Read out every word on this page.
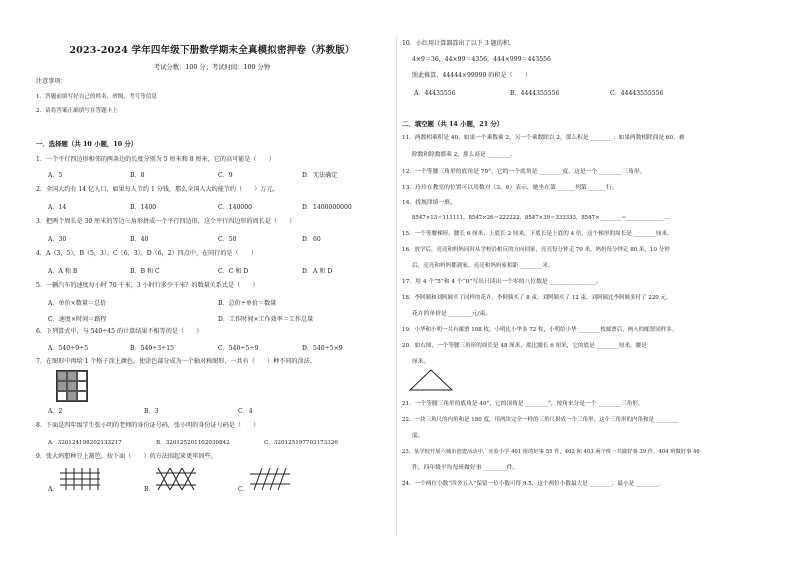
2023-2024 学年四年级下册数学期末全真模拟密押卷（苏教版）
考试分数：100 分；考试时间：100 分钟
注意事项：
1．答题前填写好自己的姓名、班级、考号等信息
2．请将答案正确填写在答题卡上
一．选择题（共 10 小题，10 分）
1．一个平行四边形相邻的两条边的长度分别为 5 厘米和 8 厘米，它的高可能是（　　）
A．5	B．8	C．9	D．无法确定
2．全国大约有 14 亿人口，如果每人节约 1 分钱，那么全国人大约能节约（　　）万元。
A．14	B．1400	C．140000	D．1400000000
3．把两个周长是 30 厘米的等边三角形拼成一个平行四边形，这个平行四边形的周长是（　　）
A．30	B．40	C．50	D．60
4．A（3，5）、B（5，3）、C（6，3）、D（6，2）四点中，在同行的是（　　）
A．A 和 B	B．B 和 C	C．C 和 D	D．A 和 D
5．一辆汽车的速度每小时 70 千米，3 小时行多少千米？的数量关系式是（　　）
A．单价×数量＝总价	B．总价÷单价＝数量
C．速度×时间＝路程	D．工作时间×工作效率＝工作总量
6．下列算式中，与 540÷45 的计算结果不相等的是（　　）
A．540÷9÷5	B．540÷3÷15	C．540÷5÷9	D．540÷5×9
7．在图形中再给 1 个格子涂上颜色，使涂色部分成为一个轴对称图形，一共有（　　）种不同的涂法。
A．2	B．3	C．4
8．下面是四年级学生张小明的老师的身份证号码，张小明的身份证号码是（　　）
A．320124198202133217	B．320125201102030842	C．320125197703173326
9．张大妈想种豆上篱笆，按下面（　　）的方法围起来更牢固些。
A．	B．	C．
10．小红用计算器算出了以下 3 题的积。
4×9＝36，44×99＝4356，444×999＝443556
照此推算，44444×99999 的积是（　　）
A．44435556	B．4444355556	C．44443555556
二．填空题（共 14 小题，21 分）
11．两数相乘积是 40，如果一个乘数乘 2，另一个乘数除以 2，那么积是 ________；如果两数相除商是 60，被
除数和除数都乘 2，那么商是 ________。
12．一个等腰三角形的底角是 70°，它的一个底角是 ________度，这是一个 ________三角形。
13．玲玲在教室的位置可以用数对（3，6）表示，她坐在第 ______列第 ______行。
14．找规律填一填。
8547×13＝111111，8547×26＝222222，8547×39＝333333，8547×________＝______________…
15．一个等腰梯形，腰长 6 厘米，上底长 2 厘米，下底长是上底的 4 倍，这个梯形的周长是 ________厘米。
16．放学后，亮亮和妈妈同时从学校沿相反的方向回家，亮亮每分钟走 70 米，妈妈每分钟走 80 米，10 分钟
后，亮亮和妈妈都到家，亮亮和妈妈家相距 ________米。
17．用 4 个“5”和 4 个“0”写出只读出一个零的八位数是 ________________。
18．李阿姨和刘阿姨买了同样的花卉，李阿姨买了 8 束，刘阿姨买了 12 束，刘阿姨比李阿姨多付了 220 元，
花卉的单价是 ________元/束。
19．小华和小明一共有邮票 108 枚，小明比小华多 72 枚，小明给小华 ________枚邮票后，两人的邮票同样多。
20．如右图，一个等腰三角形的周长是 48 厘米，底比腰长 6 厘米，它的底是 ________厘米，腰是
厘米。
21．一个等腰三角形的底角是 40°，它的顶角是 ________°，按角来分是一个 ________三角形。
22．一块三角尺的内角和是 180 度，用两块完全一样的三角尺拼成一个三角形，这个三角形的内角和是 ________
度。
23．某学校开展六城市创建活动中，实验小学 401 班的好事 55 件，402 和 403 两个班一共做好事 39 件，404 班做好事 46
件，四年级平均每班做好事 ________件。
24．一个两位小数“四舍五入”保留一位小数可得 9.5，这个两位小数最大是 ________，最小是 ________。
